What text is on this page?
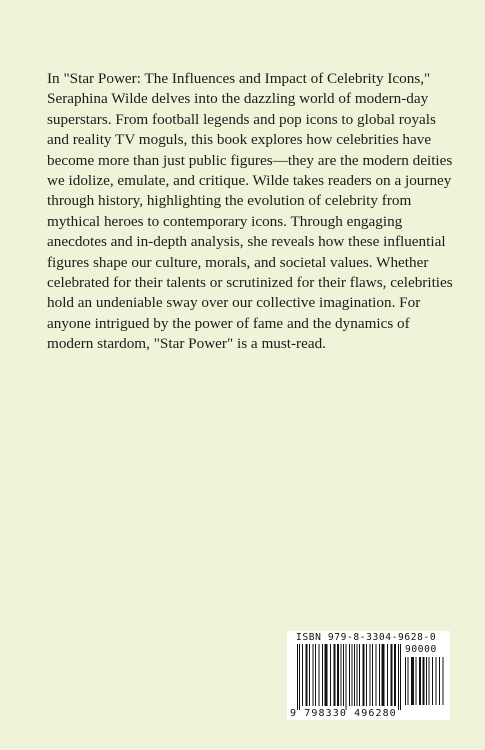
In "Star Power: The Influences and Impact of Celebrity Icons," Seraphina Wilde delves into the dazzling world of modern-day superstars. From football legends and pop icons to global royals and reality TV moguls, this book explores how celebrities have become more than just public figures—they are the modern deities we idolize, emulate, and critique. Wilde takes readers on a journey through history, highlighting the evolution of celebrity from mythical heroes to contemporary icons. Through engaging anecdotes and in-depth analysis, she reveals how these influential figures shape our culture, morals, and societal values. Whether celebrated for their talents or scrutinized for their flaws, celebrities hold an undeniable sway over our collective imagination. For anyone intrigued by the power of fame and the dynamics of modern stardom, "Star Power" is a must-read.

ISBN 979-8-3304-9628-0
90000
9 798330 496280
